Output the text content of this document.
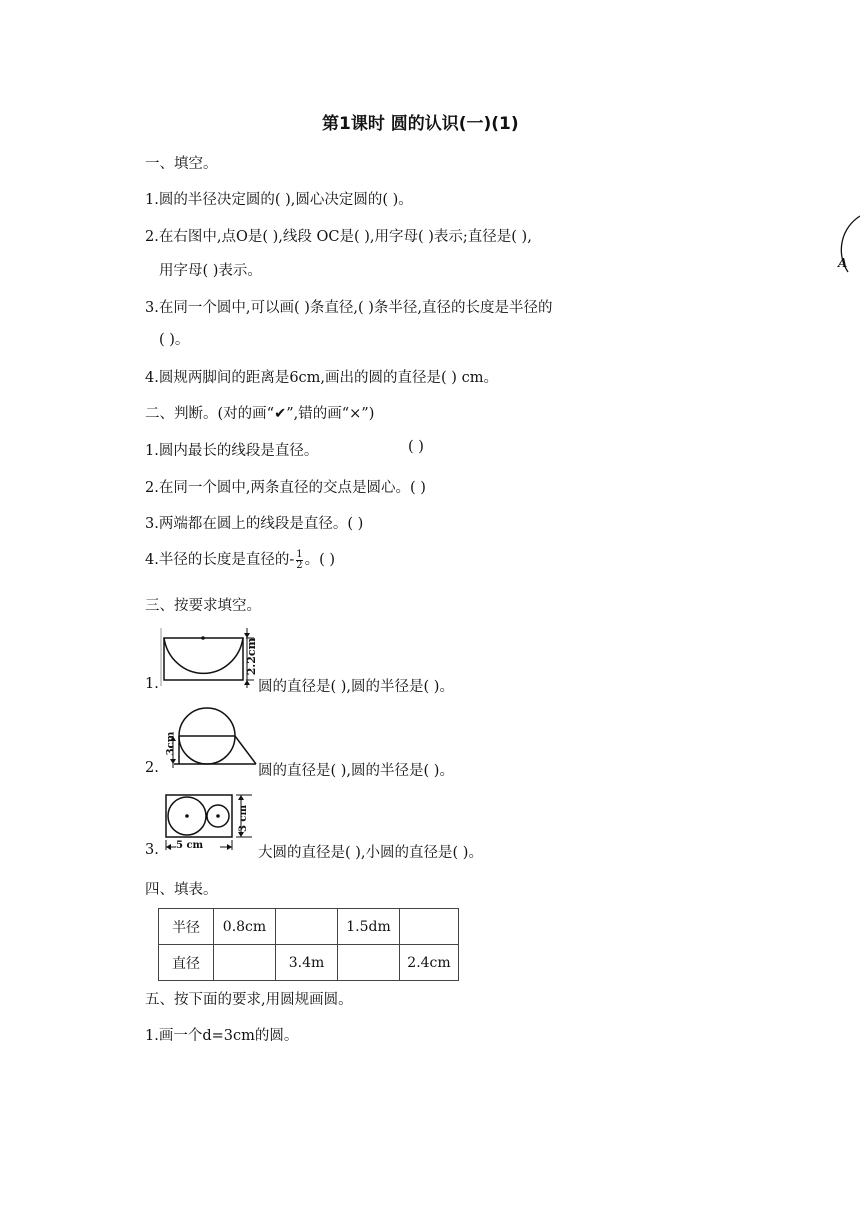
第1课时 圆的认识(一)(1)
一、填空。
1.圆的半径决定圆的( ),圆心决定圆的( )。
2.在右图中,点O是( ),线段 OC是( ),用字母( )表示;直径是( ),
用字母( )表示。
3.在同一个圆中,可以画( )条直径,( )条半径,直径的长度是半径的
( )。
4.圆规两脚间的距离是6cm,画出的圆的直径是( ) cm。
A
二、判断。(对的画“✔”,错的画“×”)
1.圆内最长的线段是直径。	( )
2.在同一个圆中,两条直径的交点是圆心。( )
3.两端都在圆上的线段是直径。( )
4.半径的长度是直径的- $\frac{1}{2}$ 。( )
三、按要求填空。
2.2cm
1.	圆的直径是( ),圆的半径是( )。
3cm
2.	圆的直径是( ),圆的半径是( )。
5 cm
3 cm
3.	大圆的直径是( ),小圆的直径是( )。
四、填表。
半径	0.8cm		1.5dm	
直径		3.4m		2.4cm
五、按下面的要求,用圆规画圆。
1.画一个d=3cm的圆。
